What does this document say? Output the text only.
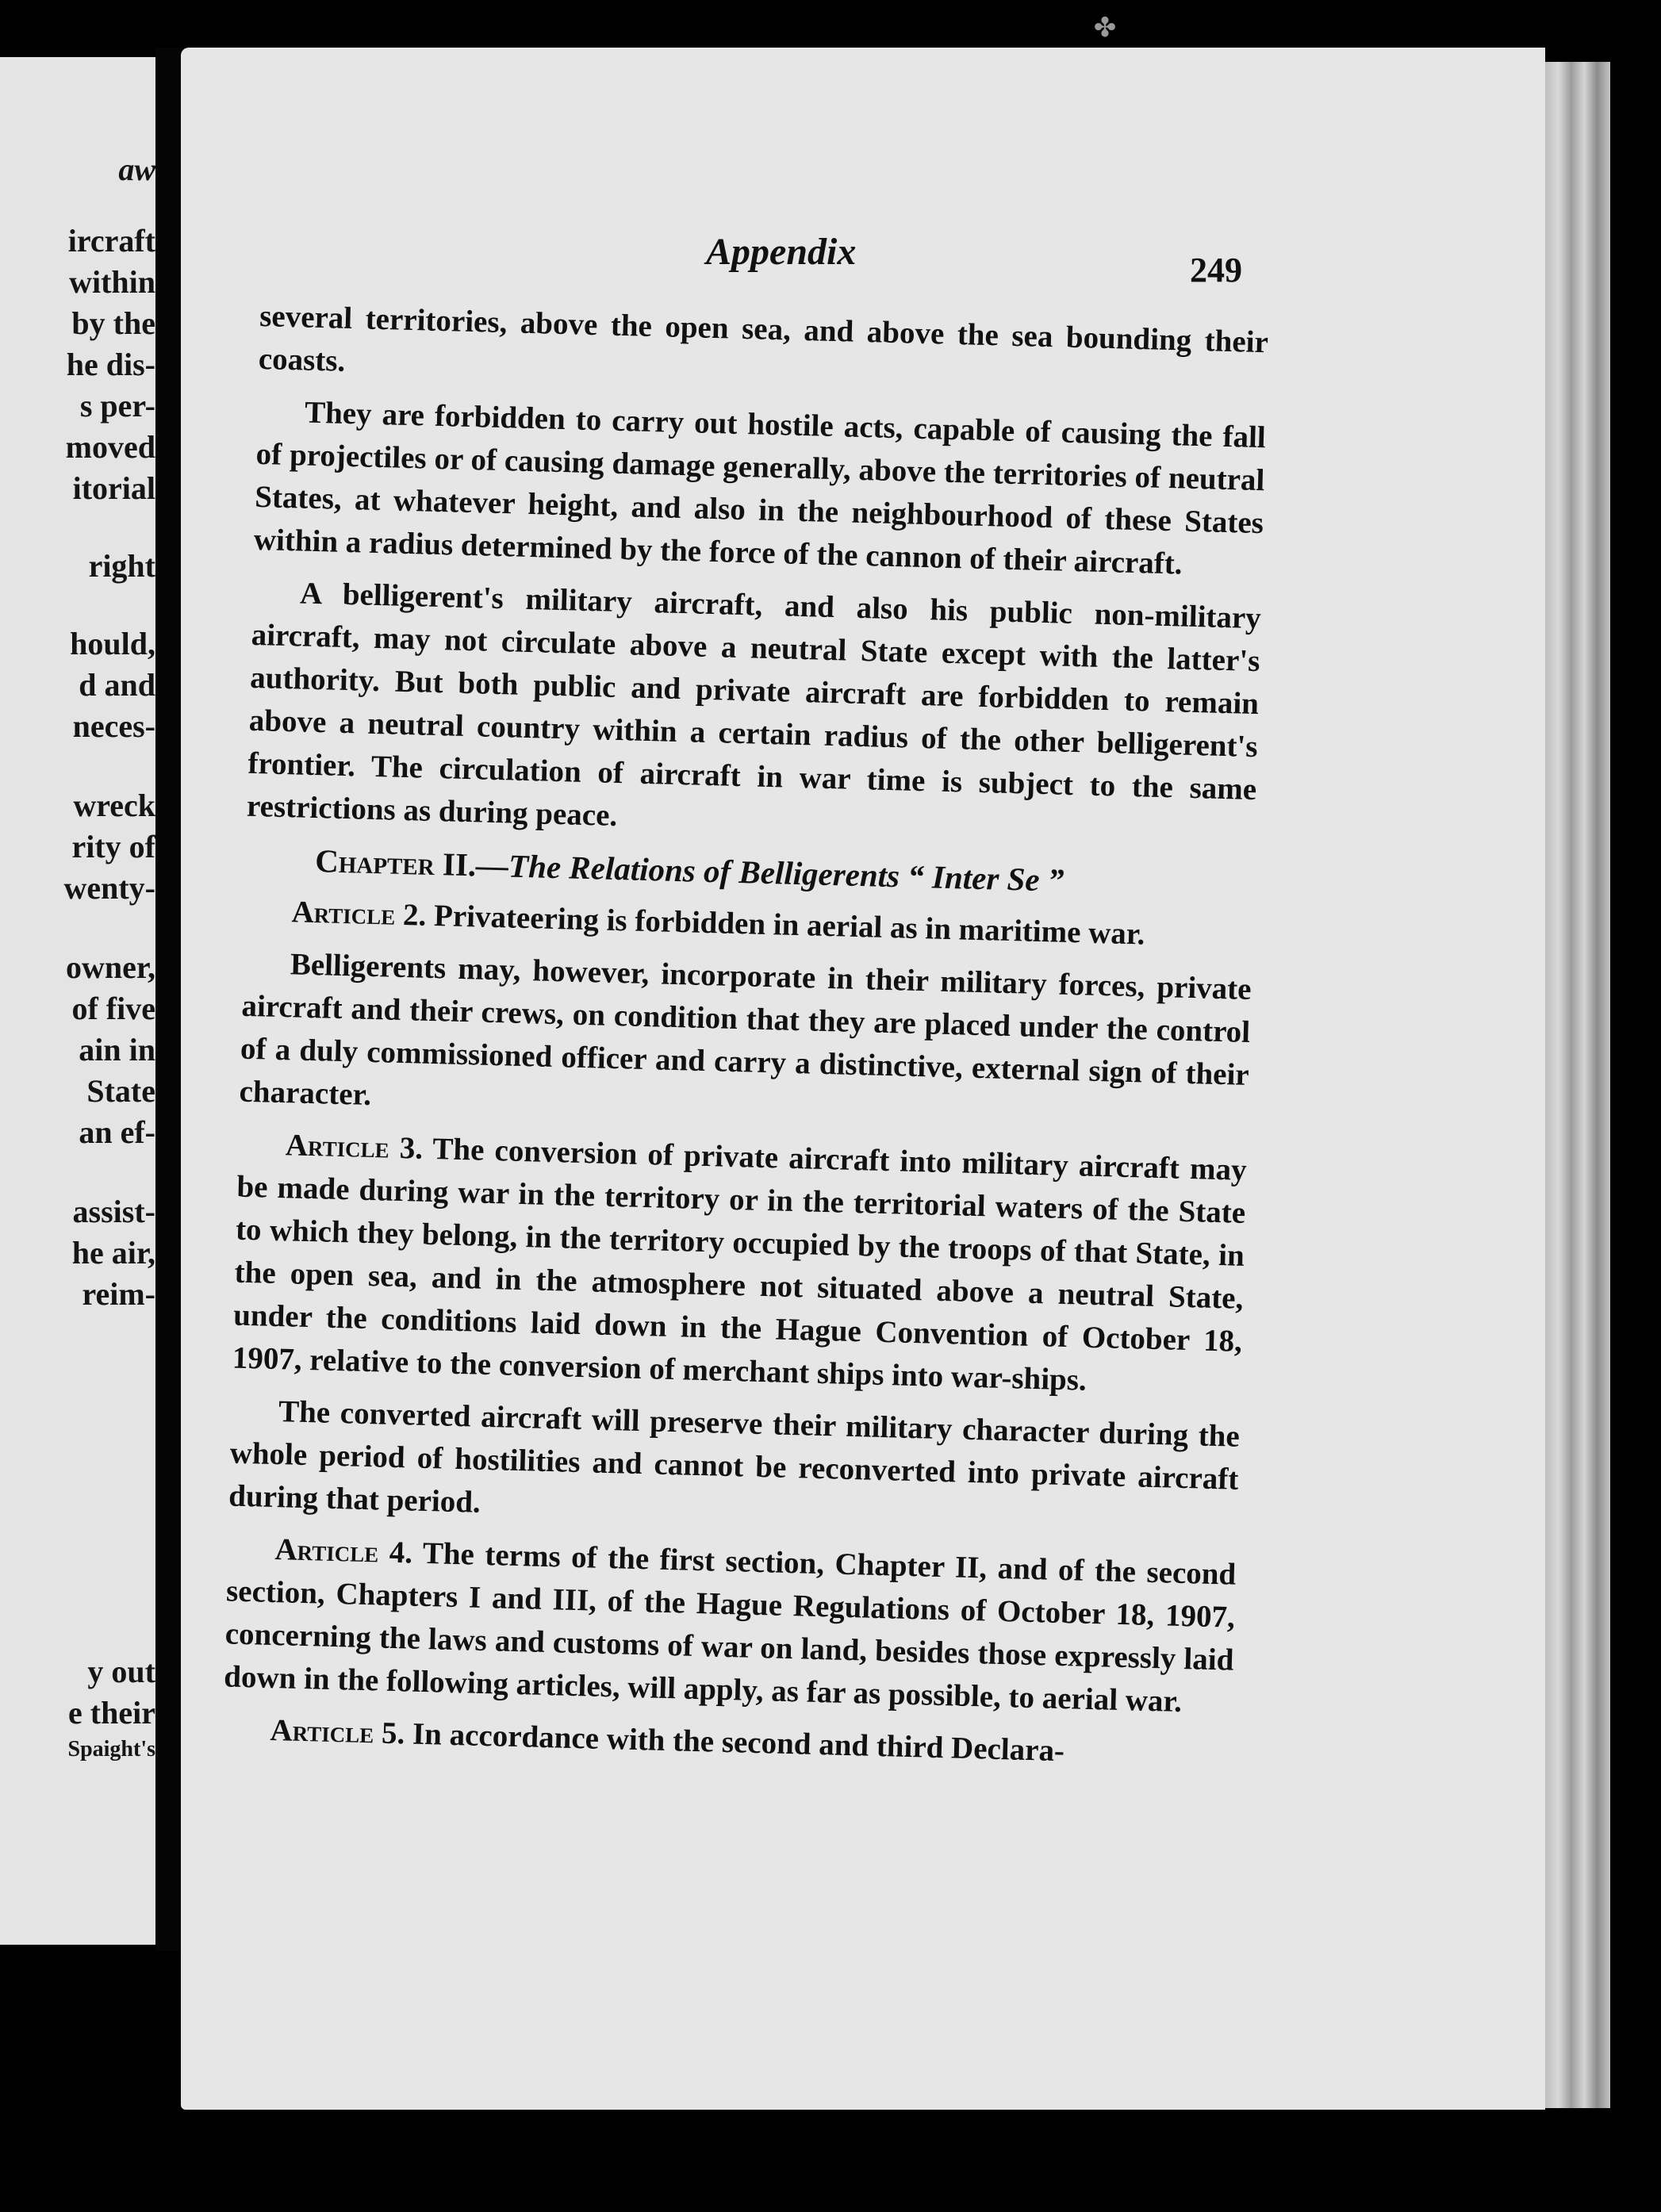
aw
ircraft
within
by the
he dis-
s per-
moved
itorial
right
hould,
d and
neces-
wreck
rity of
wenty-
owner,
of five
ain in
State
an ef-
assist-
he air,
reim-
y out
e their
Spaight's
✤
Appendix	249

several territories, above the open sea, and above the sea bounding their coasts.

They are forbidden to carry out hostile acts, capable of causing the fall of projectiles or of causing damage generally, above the territories of neutral States, at whatever height, and also in the neighbourhood of these States within a radius determined by the force of the cannon of their aircraft.

A belligerent's military aircraft, and also his public non-military aircraft, may not circulate above a neutral State except with the latter's authority. But both public and private aircraft are forbidden to remain above a neutral country within a certain radius of the other belligerent's frontier. The circulation of aircraft in war time is subject to the same restrictions as during peace.

Chapter II.—The Relations of Belligerents “ Inter Se ”

Article 2. Privateering is forbidden in aerial as in maritime war.

Belligerents may, however, incorporate in their military forces, private aircraft and their crews, on condition that they are placed under the control of a duly commissioned officer and carry a distinctive, external sign of their character.

Article 3. The conversion of private aircraft into military aircraft may be made during war in the territory or in the territorial waters of the State to which they belong, in the territory occupied by the troops of that State, in the open sea, and in the atmosphere not situated above a neutral State, under the conditions laid down in the Hague Convention of October 18, 1907, relative to the conversion of merchant ships into war-ships.

The converted aircraft will preserve their military character during the whole period of hostilities and cannot be reconverted into private aircraft during that period.

Article 4. The terms of the first section, Chapter II, and of the second section, Chapters I and III, of the Hague Regulations of October 18, 1907, concerning the laws and customs of war on land, besides those expressly laid down in the following articles, will apply, as far as possible, to aerial war.

Article 5. In accordance with the second and third Declara-
